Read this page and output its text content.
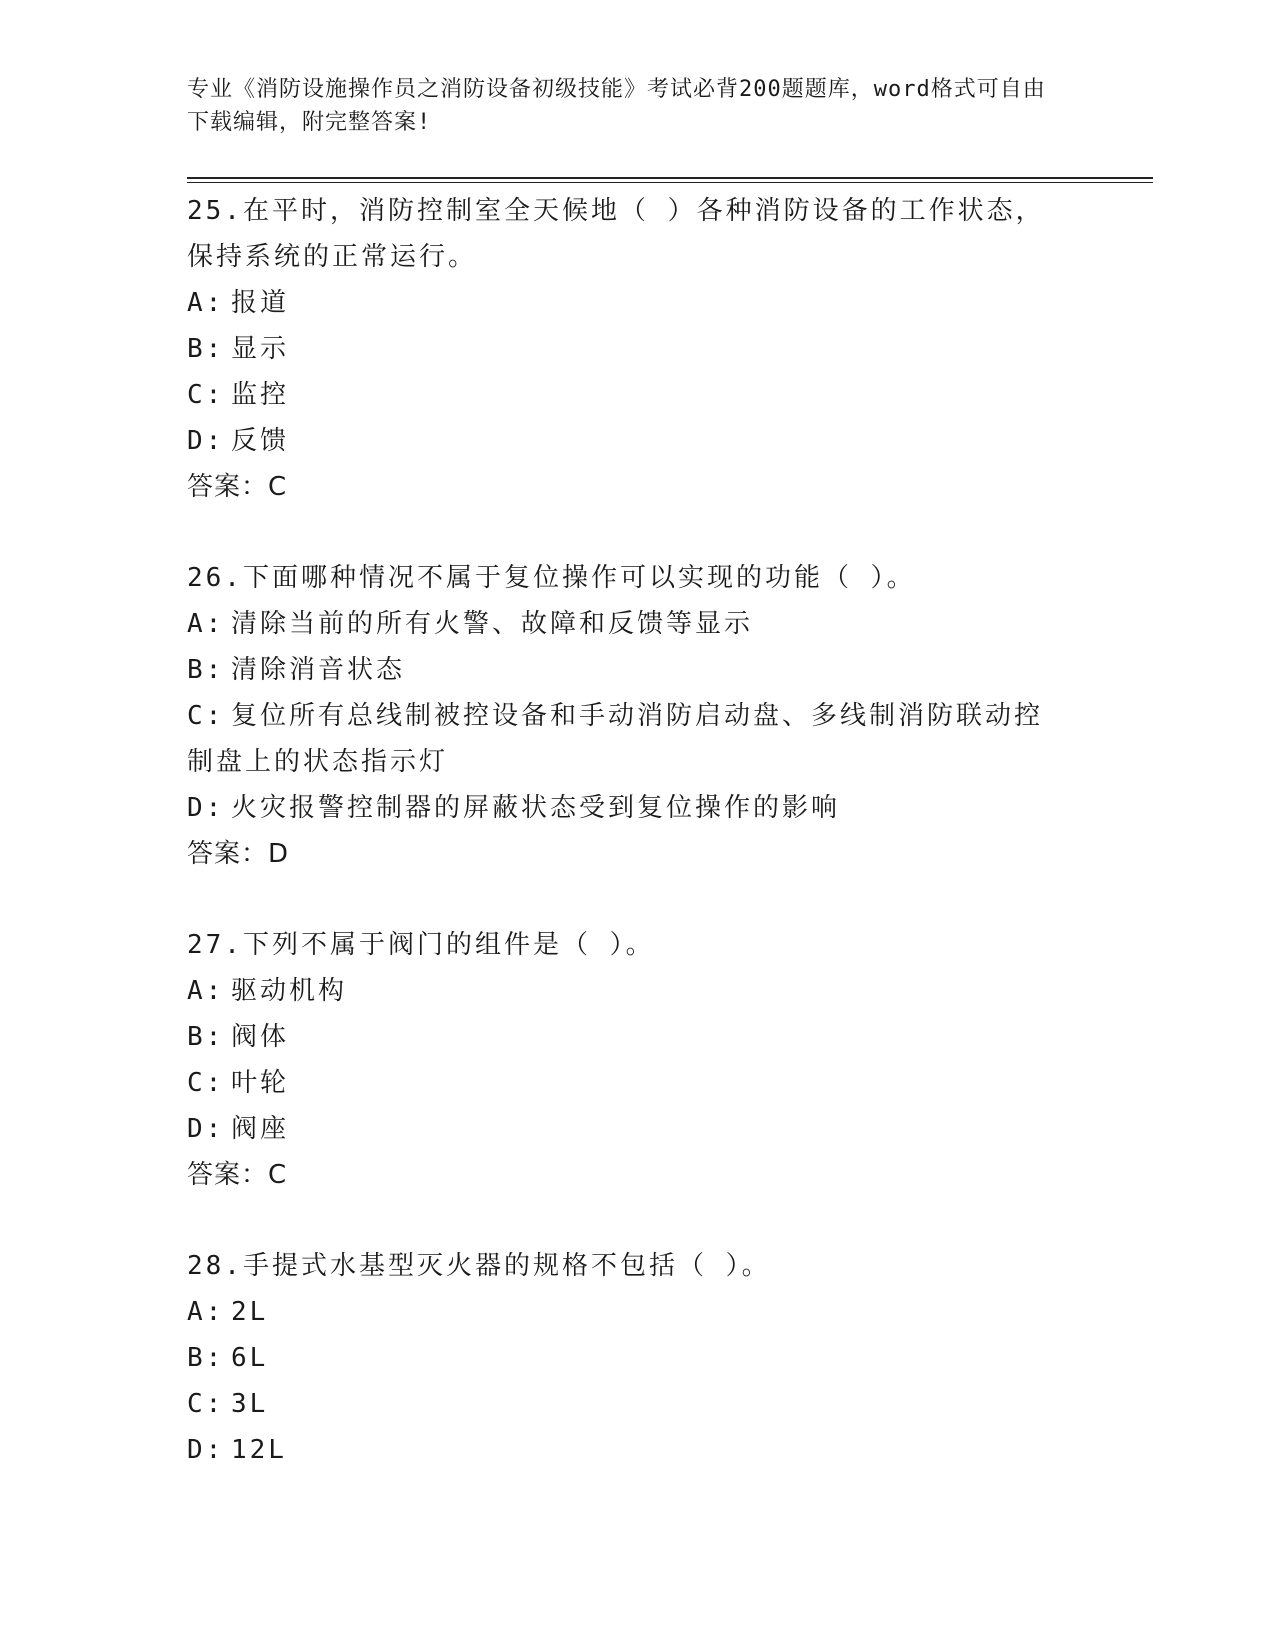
专业《消防设施操作员之消防设备初级技能》考试必背200题题库，word格式可自由下载编辑，附完整答案!

25.在平时，消防控制室全天候地（ ）各种消防设备的工作状态，保持系统的正常运行。

A: 报道

B: 显示

C: 监控

D: 反馈

答案：C

26.下面哪种情况不属于复位操作可以实现的功能（ ）。

A: 清除当前的所有火警、故障和反馈等显示

B: 清除消音状态

C: 复位所有总线制被控设备和手动消防启动盘、多线制消防联动控制盘上的状态指示灯

D: 火灾报警控制器的屏蔽状态受到复位操作的影响

答案：D

27.下列不属于阀门的组件是（ ）。

A: 驱动机构

B: 阀体

C: 叶轮

D: 阀座

答案：C

28.手提式水基型灭火器的规格不包括（ ）。

A: 2L

B: 6L

C: 3L

D: 12L
